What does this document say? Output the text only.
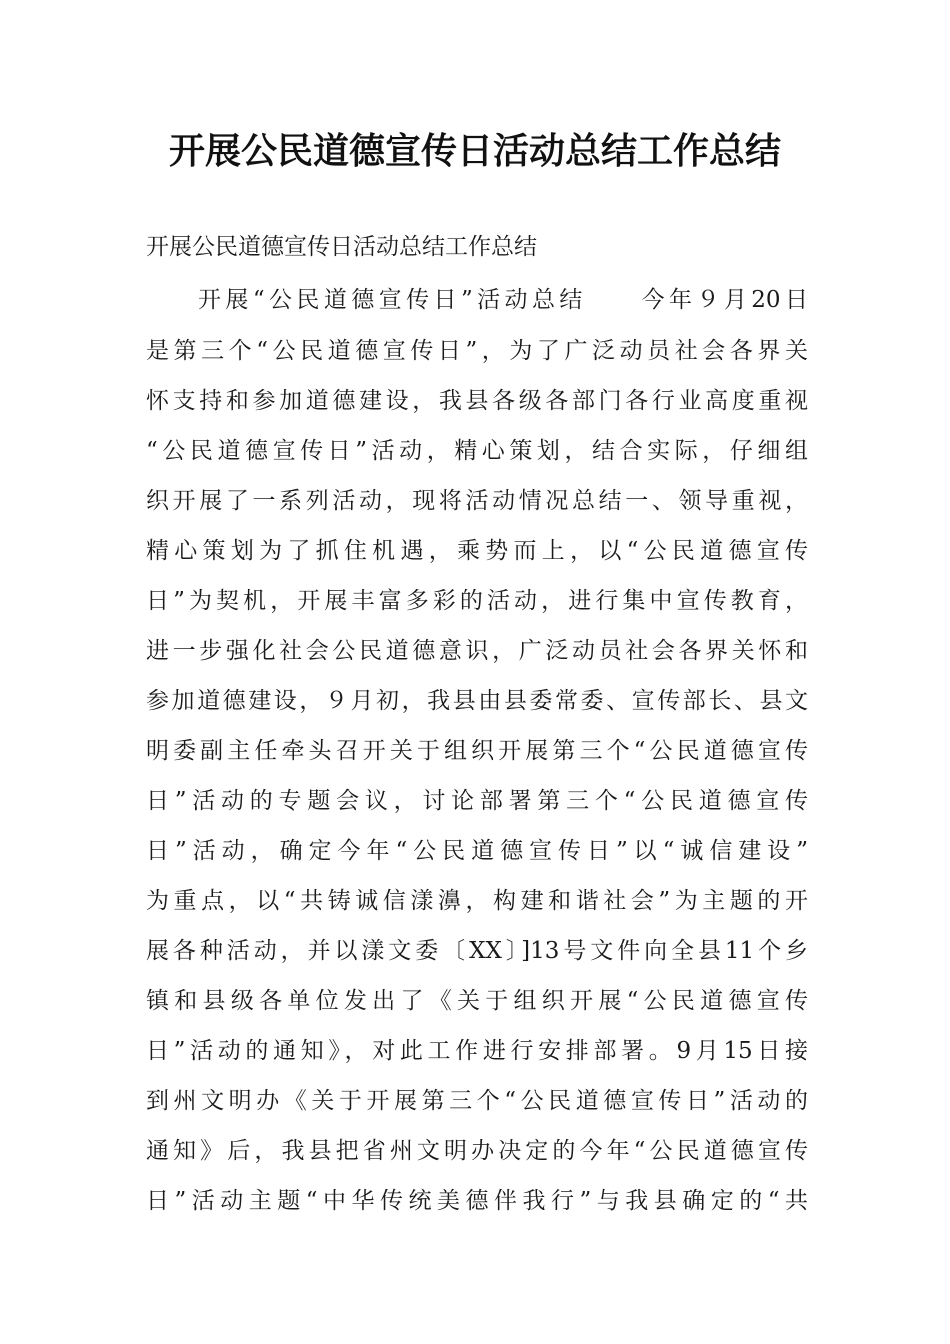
开展公民道德宣传日活动总结工作总结
开展公民道德宣传日活动总结工作总结
开展“公民道德宣传日”活动总结　　今年９月20日
是第三个“公民道德宣传日”，为了广泛动员社会各界关
怀支持和参加道德建设，我县各级各部门各行业高度重视
“公民道德宣传日”活动，精心策划，结合实际，仔细组
织开展了一系列活动，现将活动情况总结一、领导重视，
精心策划为了抓住机遇，乘势而上，以“公民道德宣传
日”为契机，开展丰富多彩的活动，进行集中宣传教育，
进一步强化社会公民道德意识，广泛动员社会各界关怀和
参加道德建设，９月初，我县由县委常委、宣传部长、县文
明委副主任牵头召开关于组织开展第三个“公民道德宣传
日”活动的专题会议，讨论部署第三个“公民道德宣传
日”活动，确定今年“公民道德宣传日”以“诚信建设”
为重点，以“共铸诚信漾濞，构建和谐社会”为主题的开
展各种活动，并以漾文委〔XX〕]13号文件向全县11个乡
镇和县级各单位发出了《关于组织开展“公民道德宣传
日”活动的通知》，对此工作进行安排部署。9月15日接
到州文明办《关于开展第三个“公民道德宣传日”活动的
通知》后，我县把省州文明办决定的今年“公民道德宣传
日”活动主题“中华传统美德伴我行”与我县确定的“共
